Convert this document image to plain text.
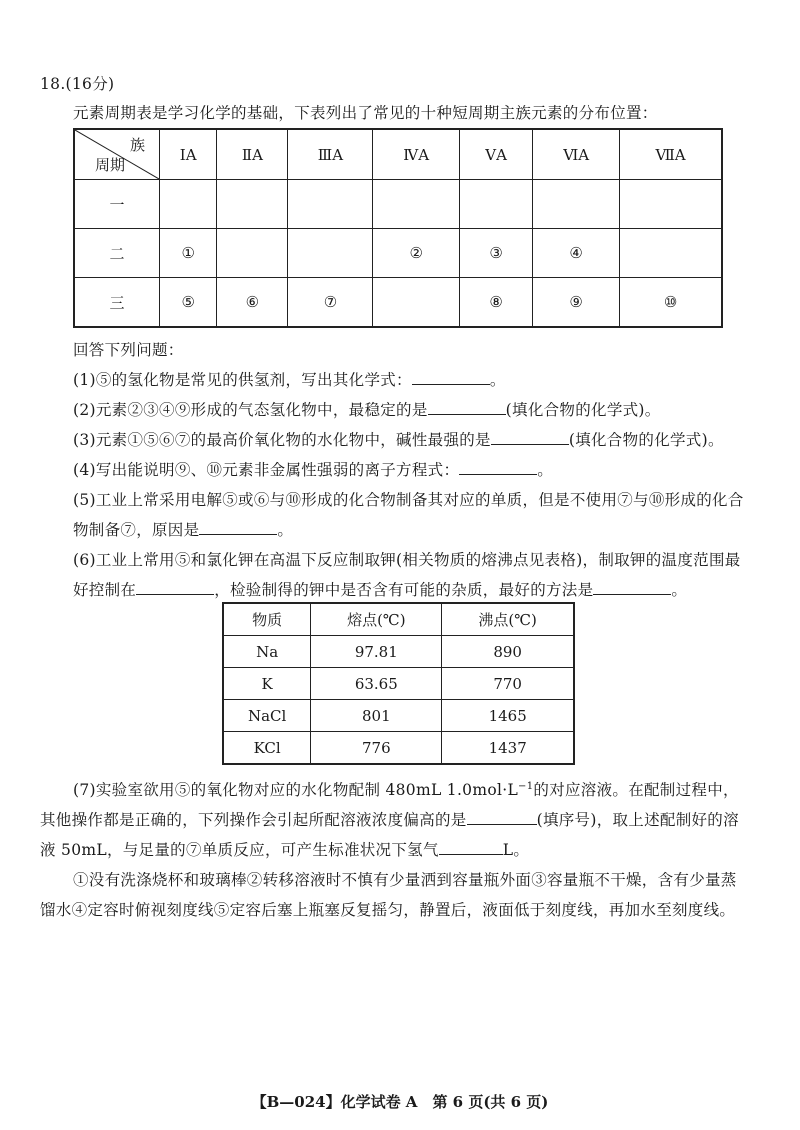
18.(16分)
元素周期表是学习化学的基础，下表列出了常见的十种短周期主族元素的分布位置：
族
周期	ⅠA	ⅡA	ⅢA	ⅣA	ⅤA	ⅥA	ⅦA
一							
二	①			②	③	④	
三	⑤	⑥	⑦		⑧	⑨	⑩
回答下列问题：
(1)⑤的氢化物是常见的供氢剂，写出其化学式：	。
(2)元素②③④⑨形成的气态氢化物中，最稳定的是	(填化合物的化学式)。
(3)元素①⑤⑥⑦的最高价氧化物的水化物中，碱性最强的是	(填化合物的化学式)。
(4)写出能说明⑨、⑩元素非金属性强弱的离子方程式：	。
(5)工业上常采用电解⑤或⑥与⑩形成的化合物制备其对应的单质，但是不使用⑦与⑩形成的化合
物制备⑦，原因是	。
(6)工业上常用⑤和氯化钾在高温下反应制取钾(相关物质的熔沸点见表格)，制取钾的温度范围最
好控制在	，检验制得的钾中是否含有可能的杂质，最好的方法是	。
物质	熔点(℃)	沸点(℃)
Na	97.81	890
K	63.65	770
NaCl	801	1465
KCl	776	1437
(7)实验室欲用⑤的氧化物对应的水化物配制 480mL $1.0mol\cdot L^{-1}$的对应溶液。在配制过程中，
其他操作都是正确的，下列操作会引起所配溶液浓度偏高的是	(填序号)，取上述配制好的溶
液 50mL，与足量的⑦单质反应，可产生标准状况下氢气	L。
①没有洗涤烧杯和玻璃棒②转移溶液时不慎有少量洒到容量瓶外面③容量瓶不干燥，含有少量蒸
馏水④定容时俯视刻度线⑤定容后塞上瓶塞反复摇匀，静置后，液面低于刻度线，再加水至刻度线。
【B—024】化学试卷 A　第 6 页(共 6 页)
